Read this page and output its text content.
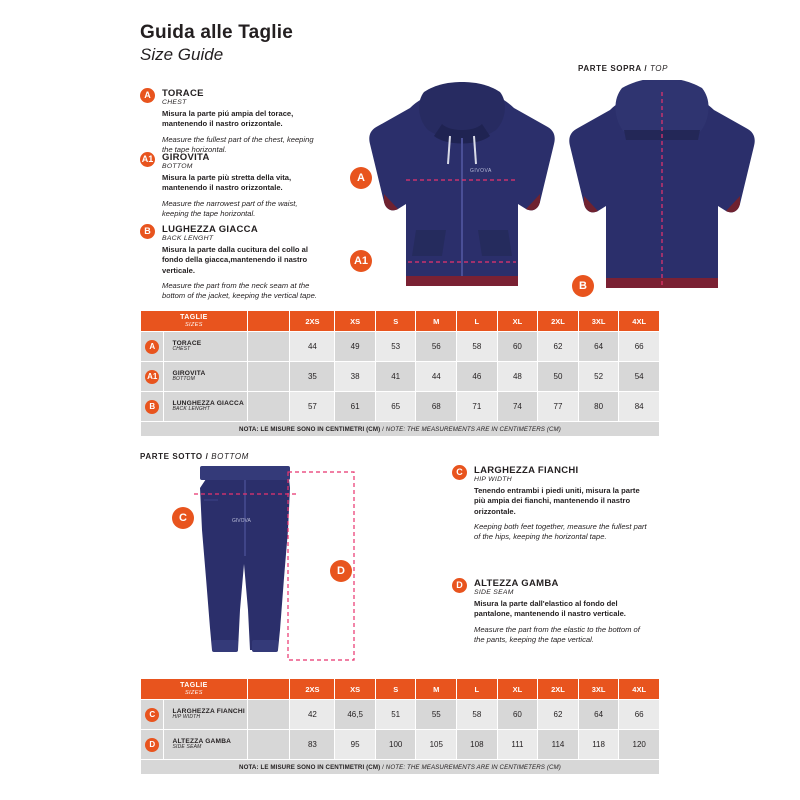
Guida alle Taglie
Size Guide
A	TORACE
CHEST
Misura la parte piú ampia del torace, mantenendo il nastro orizzontale.
Measure the fullest part of the chest, keeping the tape horizontal.
A1 GIROVITA
BOTTOM
Misura la parte più stretta della vita, mantenendo il nastro orizzontale.
Measure the narrowest part of the waist, keeping the tape horizontal.
B	LUGHEZZA GIACCA
BACK LENGHT
Misura la parte dalla cucitura del collo al fondo della giacca,mantenendo il nastro verticale.
Measure the part from the neck seam at the bottom of the jacket, keeping the vertical tape.
PARTE SOPRA / TOP
GIVOVA
A
A1
B
TAGLIE
SIZES			2XS	XS	S	M	L	XL	2XL	3XL	4XL

A	TORACE
CHEST		44	49	53	56	58	60	62	64	66

A1	GIROVITA
BOTTOM		35	38	41	44	46	48	50	52	54

B	LUNGHEZZA GIACCA
BACK LENGHT		57	61	65	68	71	74	77	80	84
NOTA: LE MISURE SONO IN CENTIMETRI (CM) / NOTE: THE MEASUREMENTS ARE IN CENTIMETERS (CM)											
PARTE SOTTO / BOTTOM
GIVOVA
C
D
C	LARGHEZZA FIANCHI
HIP WIDTH
Tenendo entrambi i piedi uniti, misura la parte più ampia dei fianchi, mantenendo il nastro orizzontale.
Keeping both feet together, measure the fullest part of the hips, keeping the horizontal tape.
D	ALTEZZA GAMBA
SIDE SEAM
Misura la parte dall'elastico al fondo del pantalone, mantenendo il nastro verticale.
Measure the part from the elastic to the bottom of the pants, keeping the tape vertical.
TAGLIE
SIZES			2XS	XS	S	M	L	XL	2XL	3XL	4XL

C	LARGHEZZA FIANCHI
HIP WIDTH		42	46,5	51	55	58	60	62	64	66

D	ALTEZZA GAMBA
SIDE SEAM		83	95	100	105	108	111	114	118	120
NOTA: LE MISURE SONO IN CENTIMETRI (CM) / NOTE: THE MEASUREMENTS ARE IN CENTIMETERS (CM)											
